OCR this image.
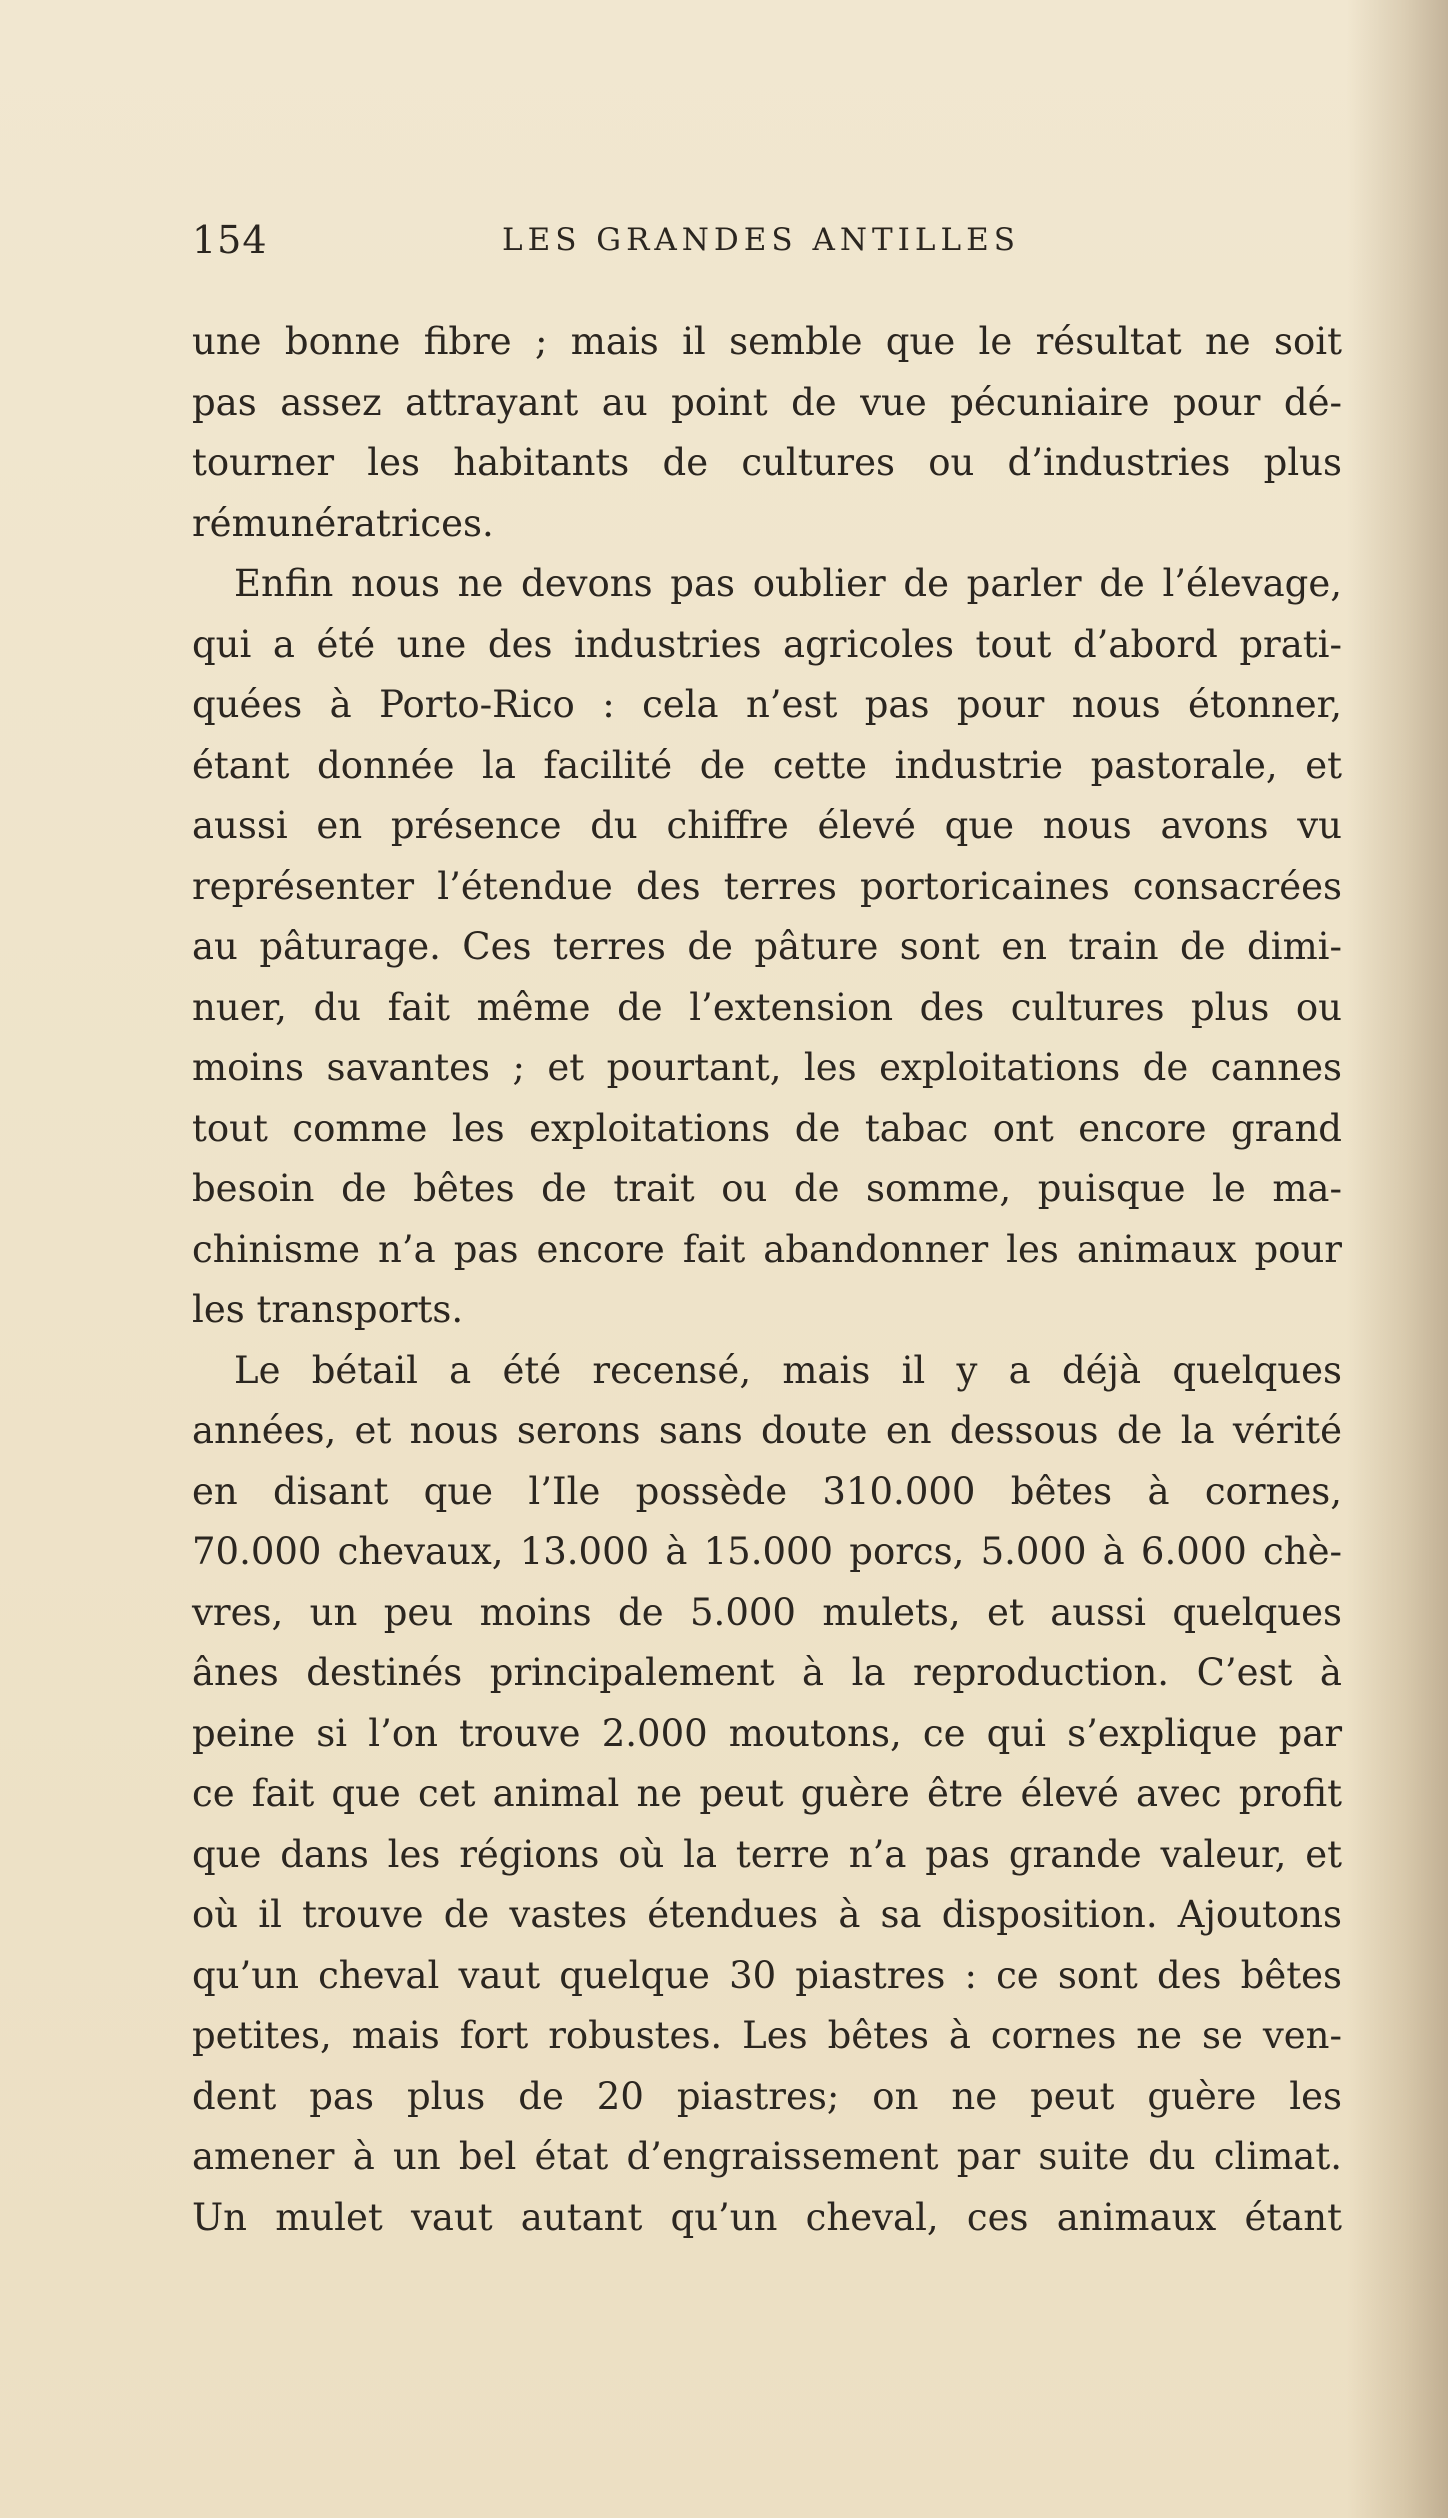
154	LES GRANDES ANTILLES
une bonne fibre ; mais il semble que le résultat ne soit
pas assez attrayant au point de vue pécuniaire pour dé-
tourner les habitants de cultures ou d’industries plus
rémunératrices.
Enfin nous ne devons pas oublier de parler de l’élevage,
qui a été une des industries agricoles tout d’abord prati-
quées à Porto-Rico : cela n’est pas pour nous étonner,
étant donnée la facilité de cette industrie pastorale, et
aussi en présence du chiffre élevé que nous avons vu
représenter l’étendue des terres portoricaines consacrées
au pâturage. Ces terres de pâture sont en train de dimi-
nuer, du fait même de l’extension des cultures plus ou
moins savantes ; et pourtant, les exploitations de cannes
tout comme les exploitations de tabac ont encore grand
besoin de bêtes de trait ou de somme, puisque le ma-
chinisme n’a pas encore fait abandonner les animaux pour
les transports.
Le bétail a été recensé, mais il y a déjà quelques
années, et nous serons sans doute en dessous de la vérité
en disant que l’Ile possède 310.000 bêtes à cornes,
70.000 chevaux, 13.000 à 15.000 porcs, 5.000 à 6.000 chè-
vres, un peu moins de 5.000 mulets, et aussi quelques
ânes destinés principalement à la reproduction. C’est à
peine si l’on trouve 2.000 moutons, ce qui s’explique par
ce fait que cet animal ne peut guère être élevé avec profit
que dans les régions où la terre n’a pas grande valeur, et
où il trouve de vastes étendues à sa disposition. Ajoutons
qu’un cheval vaut quelque 30 piastres : ce sont des bêtes
petites, mais fort robustes. Les bêtes à cornes ne se ven-
dent pas plus de 20 piastres; on ne peut guère les
amener à un bel état d’engraissement par suite du climat.
Un mulet vaut autant qu’un cheval, ces animaux étant
